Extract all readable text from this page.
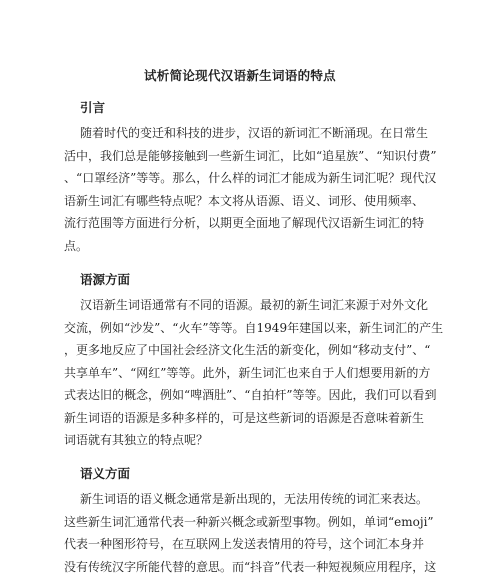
试析简论现代汉语新生词语的特点
引言
随着时代的变迁和科技的进步，汉语的新词汇不断涌现。在日常生
活中，我们总是能够接触到一些新生词汇，比如“追星族”、“知识付费”
、“口罩经济”等等。那么，什么样的词汇才能成为新生词汇呢？现代汉
语新生词汇有哪些特点呢？本文将从语源、语义、词形、使用频率、
流行范围等方面进行分析，以期更全面地了解现代汉语新生词汇的特
点。
语源方面
汉语新生词语通常有不同的语源。最初的新生词汇来源于对外文化
交流，例如“沙发”、“火车”等等。自1949年建国以来，新生词汇的产生
，更多地反应了中国社会经济文化生活的新变化，例如“移动支付”、“
共享单车”、“网红”等等。此外，新生词汇也来自于人们想要用新的方
式表达旧的概念，例如“啤酒肚”、“自拍杆”等等。因此，我们可以看到
新生词语的语源是多种多样的，可是这些新词的语源是否意味着新生
词语就有其独立的特点呢？
语义方面
新生词语的语义概念通常是新出现的，无法用传统的词汇来表达。
这些新生词汇通常代表一种新兴概念或新型事物。例如，单词“emoji”
代表一种图形符号，在互联网上发送表情用的符号，这个词汇本身并
没有传统汉字所能代替的意思。而“抖音”代表一种短视频应用程序，这
